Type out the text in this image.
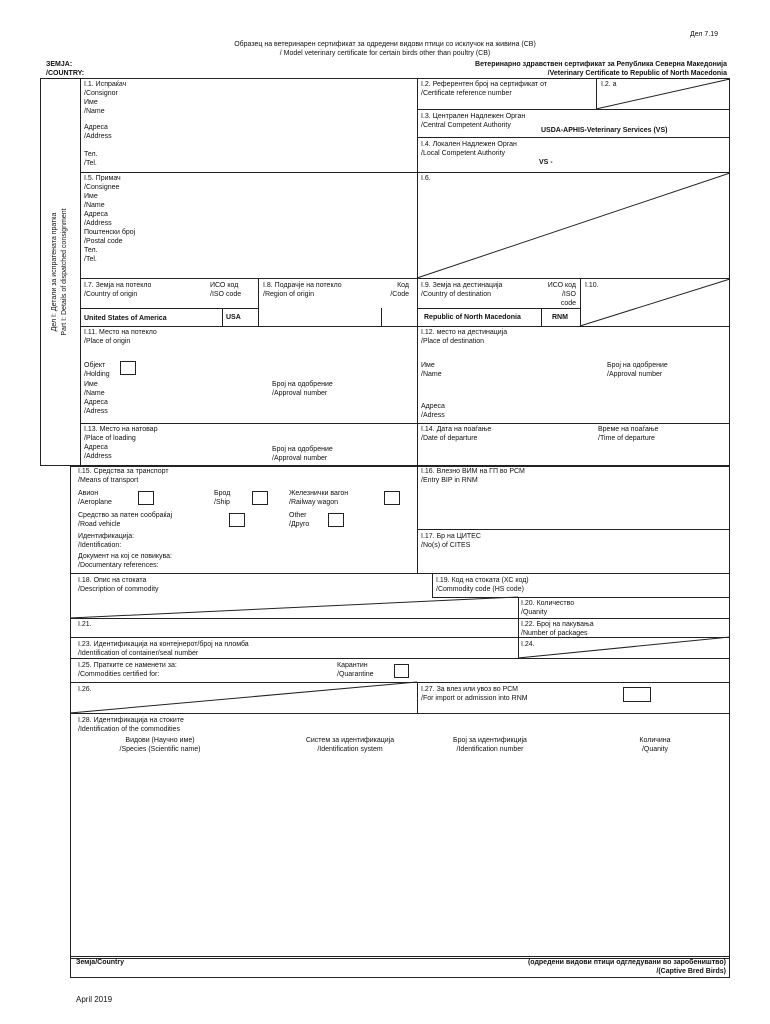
Дел 7.19
Образец на ветеринарен сертификат за одредени видови птици со исклучок на живина (CB)
/ Model veterinary certificate for certain birds other than poultry (CB)
ЗЕМЈА:
/COUNTRY:
Ветеринарно здравствен сертификат за Република Северна Македонија
/Veterinary Certificate to Republic of North Macedonia
Дел I: Детали за испратената пратка Part I: Details of dispatched consignment
I.1. Испраќач
/Consignor
Име
/Name
Адреса
/Address
Тел.
/Tel.
I.2. Референтен број на сертификат от
/Certificate reference number
I.2. a
I.3. Централен Надлежен Орган
/Central Competent Authority
USDA-APHIS-Veterinary Services (VS)
I.4. Локален Надлежен Орган
/Local Competent Authority
VS -
I.5. Примач
/Consignee
Име
/Name
Адреса
/Address
Поштенски број
/Postal code
Тел.
/Tel.
I.6.
I.7. Земја на потекло
/Country of origin
ИСО код
/ISO code
United States of America	USA
I.8. Подрачје на потекло
/Region of origin
Код
/Code
I.9. Земја на дестинација
/Country of destination
ИСО код
/ISO
code
Republic of North Macedonia	RNM
I.10.
I.11. Место на потекло
/Place of origin
Објект
/Holding
Име
/Name
Адреса
/Adress
Број на одобрение
/Approval number
I.12. место на дестинација
/Place of destination
Име
/Name
Број на одобрение
/Approval number
Адреса
/Adress
I.13. Место на натовар
/Place of loading
Адреса
/Address
Број на одобрение
/Approval number
I.14. Дата на поаѓање
/Date of departure
Време на поаѓање
/Time of departure
I.15. Средства за транспорт
/Means of transport
Авион
/Aeroplane
Брод
/Ship
Железнички вагон
/Railway wagon
Средство за патен сообраќај
/Road vehicle
Other
/Друго
Идентификација:
/Identification:
Документ на кој се повикува:
/Documentary references:
I.16. Влезно ВИМ на ГП во РСМ
/Entry BIP in RNM
I.17. Бр на ЦИТЕС
/No(s) of CITES
I.18. Опис на стоката
/Description of commodity
I.19. Код на стоката (ХС код)
/Commodity code (HS code)
I.20. Количество
/Quanity
I.21.	I.22. Број на пакувања
/Number of packages
I.23. Идентификација на контејнерот/број на пломба
/Identification of container/seal number
I.24.
I.25. Пратките се наменети за:
/Commodities certified for:
Карантин
/Quarantine
I.26.	I.27. За влез или увоз во РСМ
/For import or admission into RNM
I.28. Идентификација на стоките
/Identification of the commodities
Видови (Научно име)
/Species (Scientific name)
Систем за идентификација
/Identification system
Број за идентификција
/Identification number
Количина
/Quanity
Земја/Country	(одредени видови птици одгледувани во заробеништво)
/(Captive Bred Birds)
April 2019
